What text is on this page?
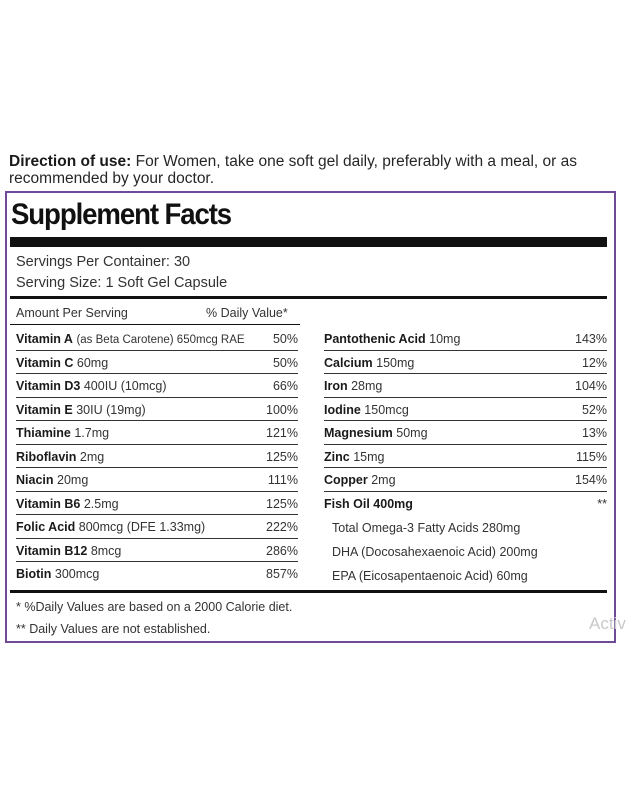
Direction of use: For Women, take one soft gel daily, preferably with a meal, or as recommended by your doctor.
Supplement Facts
Servings Per Container: 30
Serving Size: 1 Soft Gel Capsule
Amount Per Serving	% Daily Value*
Vitamin A (as Beta Carotene) 650mcg RAE 50%
Vitamin C 60mg	50%
Vitamin D3 400IU (10mcg)	66%
Vitamin E 30IU (19mg)	100%
Thiamine 1.7mg	121%
Riboflavin 2mg	125%
Niacin 20mg	111%
Vitamin B6 2.5mg	125%
Folic Acid 800mcg (DFE 1.33mg)	222%
Vitamin B12 8mcg	286%
Biotin 300mcg	857%
Pantothenic Acid 10mg	143%
Calcium 150mg	12%
Iron 28mg	104%
Iodine 150mcg	52%
Magnesium 50mg	13%
Zinc 15mg	115%
Copper 2mg	154%
Fish Oil 400mg	**
Total Omega-3 Fatty Acids 280mg
DHA (Docosahexaenoic Acid) 200mg
EPA (Eicosapentaenoic Acid) 60mg
* %Daily Values are based on a 2000 Calorie diet.
** Daily Values are not established.	Activ
